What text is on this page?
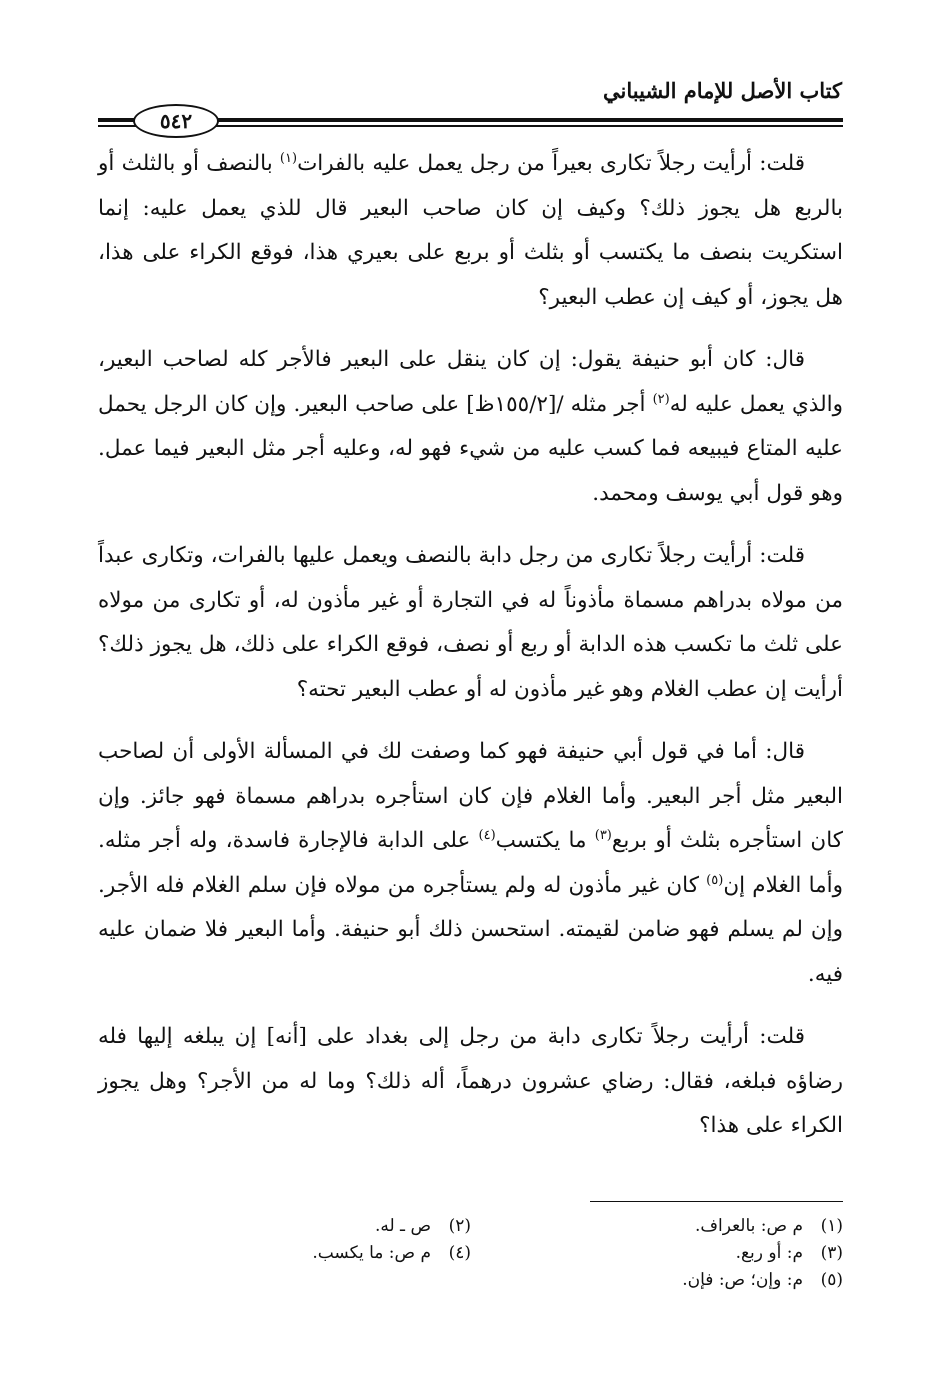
كتاب الأصل للإمام الشيباني
٥٤٢

قلت: أرأيت رجلاً تكارى بعيراً من رجل يعمل عليه بالفرات$^{(١)}$ بالنصف أو بالثلث أو بالربع هل يجوز ذلك؟ وكيف إن كان صاحب البعير قال للذي يعمل عليه: إنما استكريت بنصف ما يكتسب أو بثلث أو بربع على بعيري هذا، فوقع الكراء على هذا، هل يجوز، أو كيف إن عطب البعير؟

قال: كان أبو حنيفة يقول: إن كان ينقل على البعير فالأجر كله لصاحب البعير، والذي يعمل عليه له$^{(٢)}$ أجر مثله /[١٥٥/٢ظ] على صاحب البعير. وإن كان الرجل يحمل عليه المتاع فيبيعه فما كسب عليه من شيء فهو له، وعليه أجر مثل البعير فيما عمل. وهو قول أبي يوسف ومحمد.

قلت: أرأيت رجلاً تكارى من رجل دابة بالنصف ويعمل عليها بالفرات، وتكارى عبداً من مولاه بدراهم مسماة مأذوناً له في التجارة أو غير مأذون له، أو تكارى من مولاه على ثلث ما تكسب هذه الدابة أو ربع أو نصف، فوقع الكراء على ذلك، هل يجوز ذلك؟ أرأيت إن عطب الغلام وهو غير مأذون له أو عطب البعير تحته؟

قال: أما في قول أبي حنيفة فهو كما وصفت لك في المسألة الأولى أن لصاحب البعير مثل أجر البعير. وأما الغلام فإن كان استأجره بدراهم مسماة فهو جائز. وإن كان استأجره بثلث أو بربع$^{(٣)}$ ما يكتسب$^{(٤)}$ على الدابة فالإجارة فاسدة، وله أجر مثله. وأما الغلام إن$^{(٥)}$ كان غير مأذون له ولم يستأجره من مولاه فإن سلم الغلام فله الأجر. وإن لم يسلم فهو ضامن لقيمته. استحسن ذلك أبو حنيفة. وأما البعير فلا ضمان عليه فيه.

قلت: أرأيت رجلاً تكارى دابة من رجل إلى بغداد على [أنه] إن يبلغه إليها فله رضاؤه فبلغه، فقال: رضاي عشرون درهماً، أله ذلك؟ وما له من الأجر؟ وهل يجوز الكراء على هذا؟

(١)م ص: بالعراف.
(٢)ص ـ له.
(٣)م: أو ربع.
(٤)م ص: ما يكسب.
(٥)م: وإن؛ ص: فإن.
